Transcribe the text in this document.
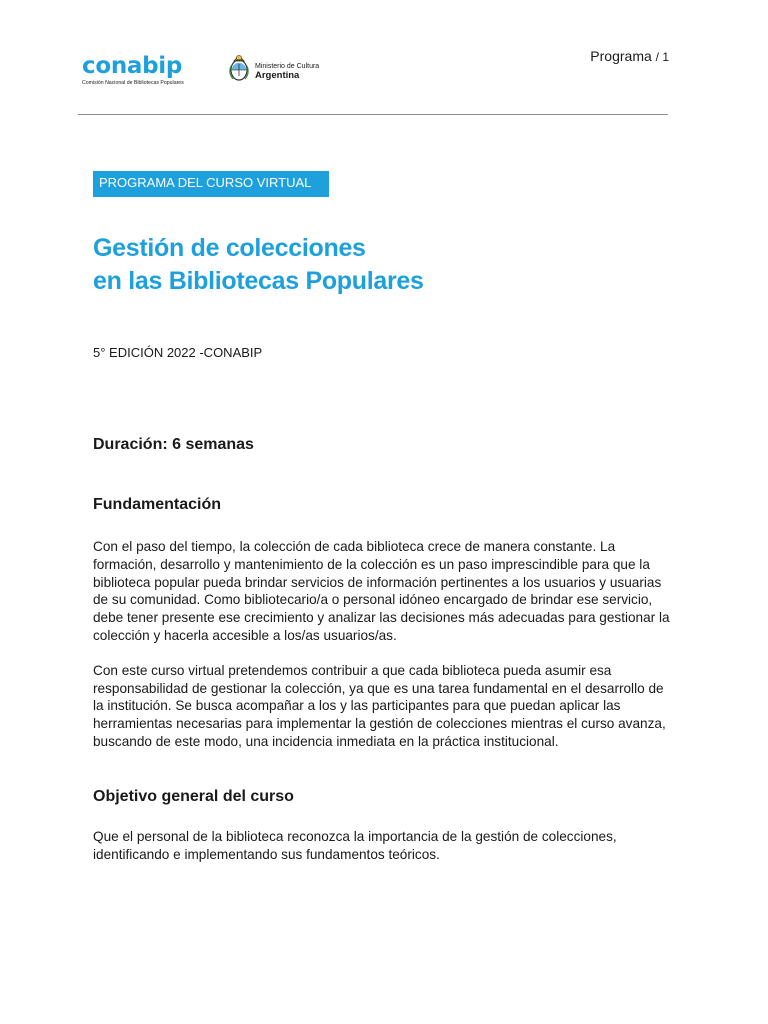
conabip
Comisión Nacional de Bibliotecas Populares
Ministerio de Cultura
Argentina
Programa / 1
PROGRAMA DEL CURSO VIRTUAL
Gestión de colecciones
en las Bibliotecas Populares
5° EDICIÓN 2022 -CONABIP
Duración: 6 semanas
Fundamentación

Con el paso del tiempo, la colección de cada biblioteca crece de manera constante. La formación, desarrollo y mantenimiento de la colección es un paso imprescindible para que la biblioteca popular pueda brindar servicios de información pertinentes a los usuarios y usuarias de su comunidad. Como bibliotecario/a o personal idóneo encargado de brindar ese servicio, debe tener presente ese crecimiento y analizar las decisiones más adecuadas para gestionar la colección y hacerla accesible a los/as usuarios/as.

Con este curso virtual pretendemos contribuir a que cada biblioteca pueda asumir esa responsabilidad de gestionar la colección, ya que es una tarea fundamental en el desarrollo de la institución. Se busca acompañar a los y las participantes para que puedan aplicar las herramientas necesarias para implementar la gestión de colecciones mientras el curso avanza, buscando de este modo, una incidencia inmediata en la práctica institucional.

Objetivo general del curso

Que el personal de la biblioteca reconozca la importancia de la gestión de colecciones, identificando e implementando sus fundamentos teóricos.
